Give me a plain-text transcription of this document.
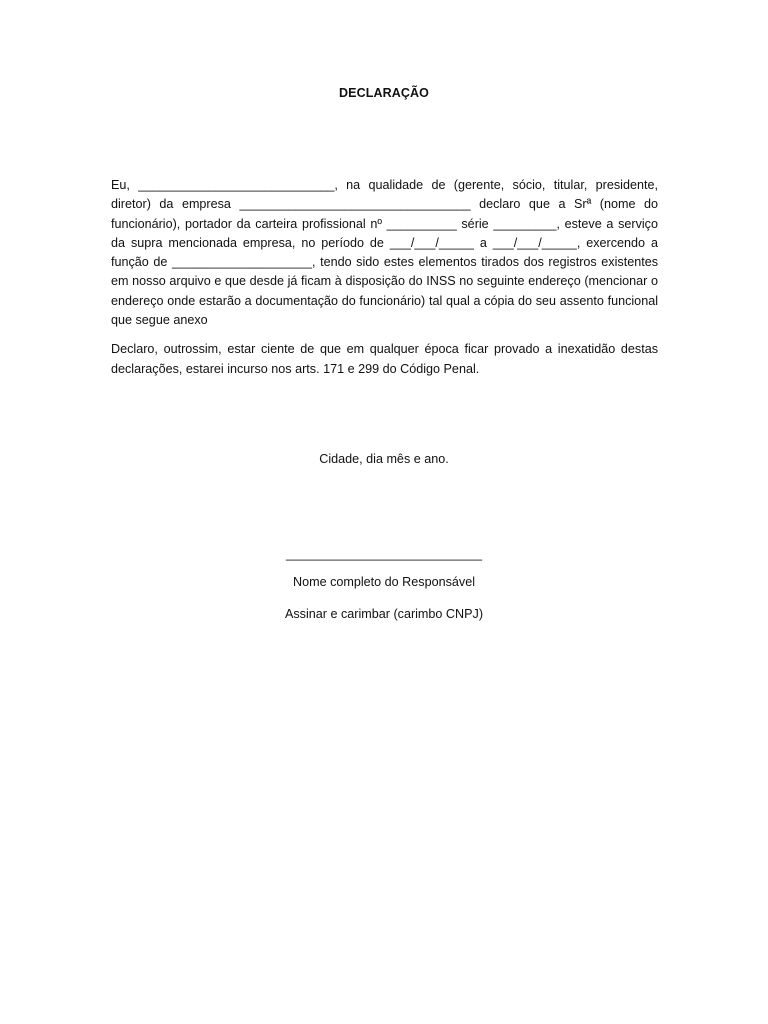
DECLARAÇÃO

Eu, ____________________________, na qualidade de (gerente, sócio, titular, presidente, diretor) da empresa _________________________________ declaro que a Srª (nome do funcionário), portador da carteira profissional nº __________ série _________, esteve a serviço da supra mencionada empresa, no período de ___/___/_____ a ___/___/_____, exercendo a função de ____________________, tendo sido estes elementos tirados dos registros existentes em nosso arquivo e que desde já ficam à disposição do INSS no seguinte endereço (mencionar o endereço onde estarão a documentação do funcionário) tal qual a cópia do seu assento funcional que segue anexo

Declaro, outrossim, estar ciente de que em qualquer época ficar provado a inexatidão destas declarações, estarei incurso nos arts. 171 e 299 do Código Penal.

Cidade, dia mês e ano.
____________________________
Nome completo do Responsável
Assinar e carimbar (carimbo CNPJ)
